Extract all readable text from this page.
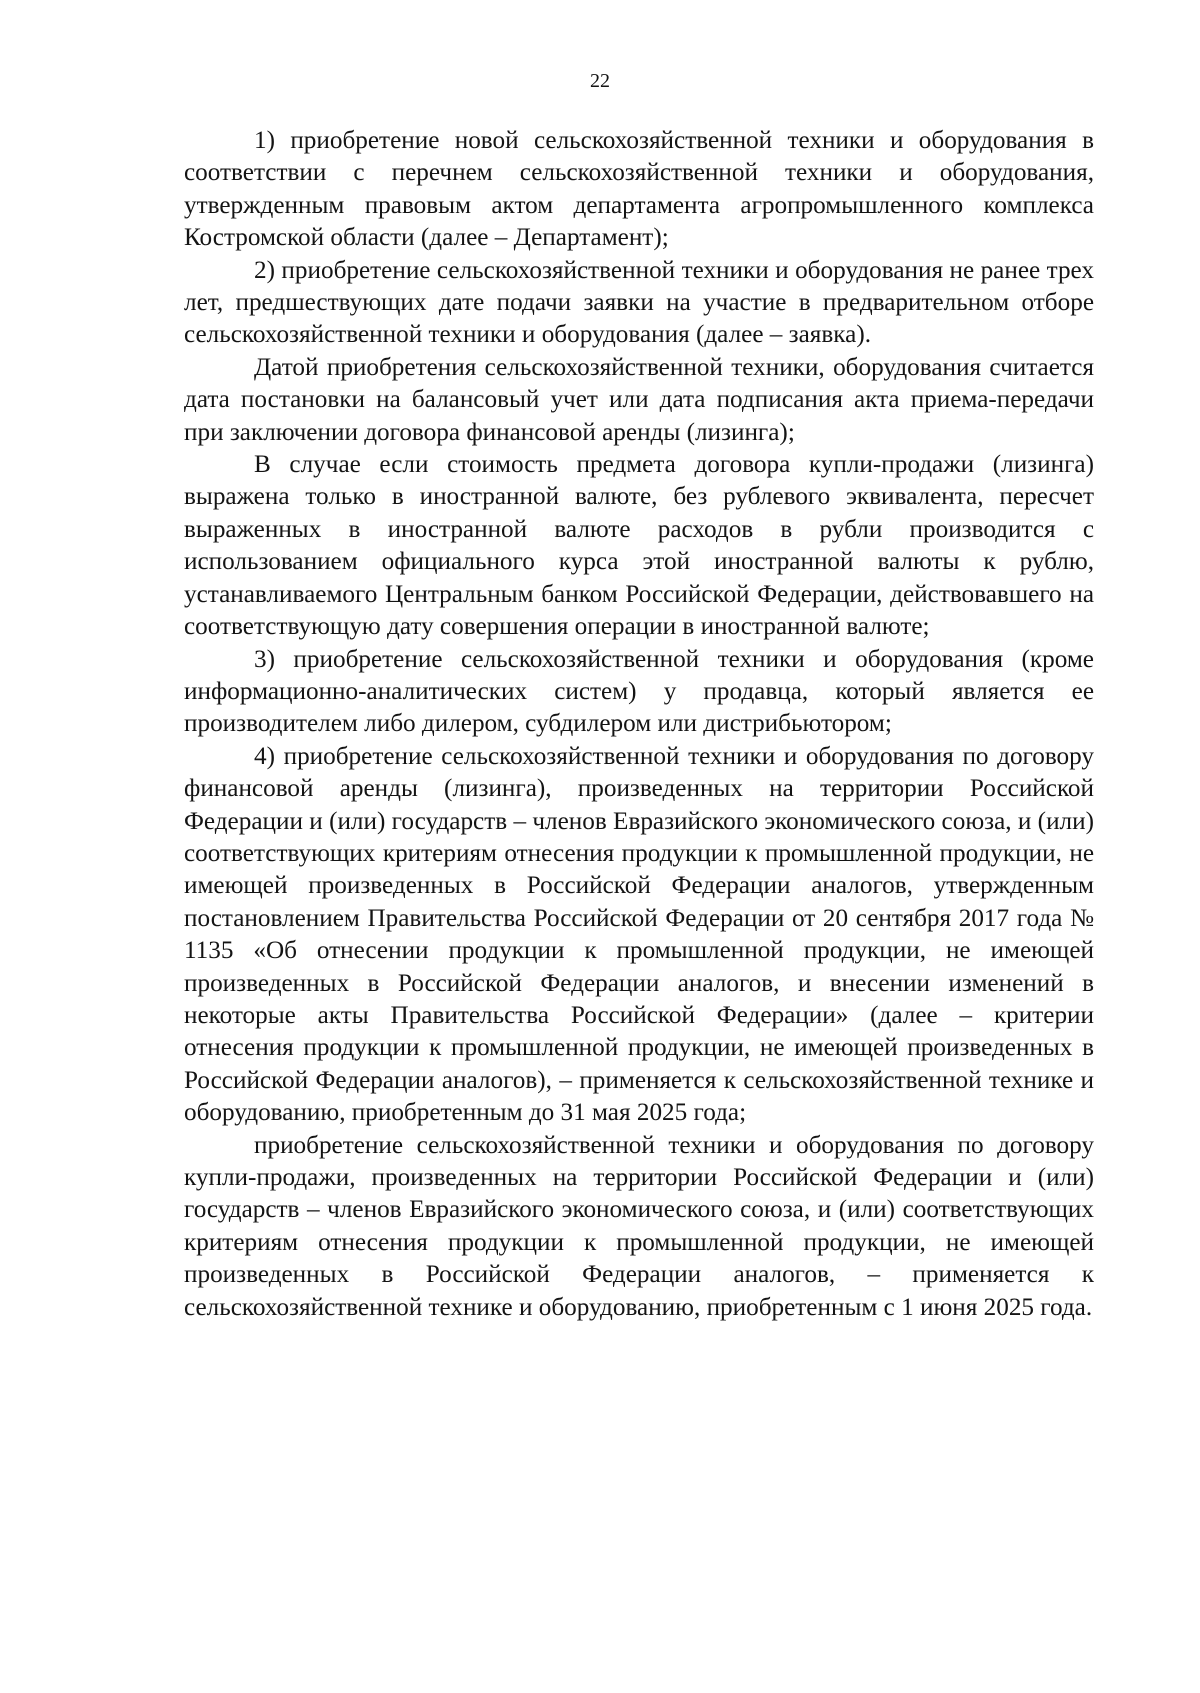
22

1) приобретение новой сельскохозяйственной техники и оборудования в соответствии с перечнем сельскохозяйственной техники и оборудования, утвержденным правовым актом департамента агропромышленного комплекса Костромской области (далее – Департамент);

2) приобретение сельскохозяйственной техники и оборудования не ранее трех лет, предшествующих дате подачи заявки на участие в предварительном отборе сельскохозяйственной техники и оборудования (далее – заявка).

Датой приобретения сельскохозяйственной техники, оборудования считается дата постановки на балансовый учет или дата подписания акта приема-передачи при заключении договора финансовой аренды (лизинга);

В случае если стоимость предмета договора купли-продажи (лизинга) выражена только в иностранной валюте, без рублевого эквивалента, пересчет выраженных в иностранной валюте расходов в рубли производится с использованием официального курса этой иностранной валюты к рублю, устанавливаемого Центральным банком Российской Федерации, действовавшего на соответствующую дату совершения операции в иностранной валюте;

3) приобретение сельскохозяйственной техники и оборудования (кроме информационно-аналитических систем) у продавца, который является ее производителем либо дилером, субдилером или дистрибьютором;

4) приобретение сельскохозяйственной техники и оборудования по договору финансовой аренды (лизинга), произведенных на территории Российской Федерации и (или) государств – членов Евразийского экономического союза, и (или) соответствующих критериям отнесения продукции к промышленной продукции, не имеющей произведенных в Российской Федерации аналогов, утвержденным постановлением Правительства Российской Федерации от 20 сентября 2017 года № 1135 «Об отнесении продукции к промышленной продукции, не имеющей произведенных в Российской Федерации аналогов, и внесении изменений в некоторые акты Правительства Российской Федерации» (далее – критерии отнесения продукции к промышленной продукции, не имеющей произведенных в Российской Федерации аналогов), – применяется к сельскохозяйственной технике и оборудованию, приобретенным до 31 мая 2025 года;

приобретение сельскохозяйственной техники и оборудования по договору купли-продажи, произведенных на территории Российской Федерации и (или) государств – членов Евразийского экономического союза, и (или) соответствующих критериям отнесения продукции к промышленной продукции, не имеющей произведенных в Российской Федерации аналогов, – применяется к сельскохозяйственной технике и оборудованию, приобретенным с 1 июня 2025 года.
